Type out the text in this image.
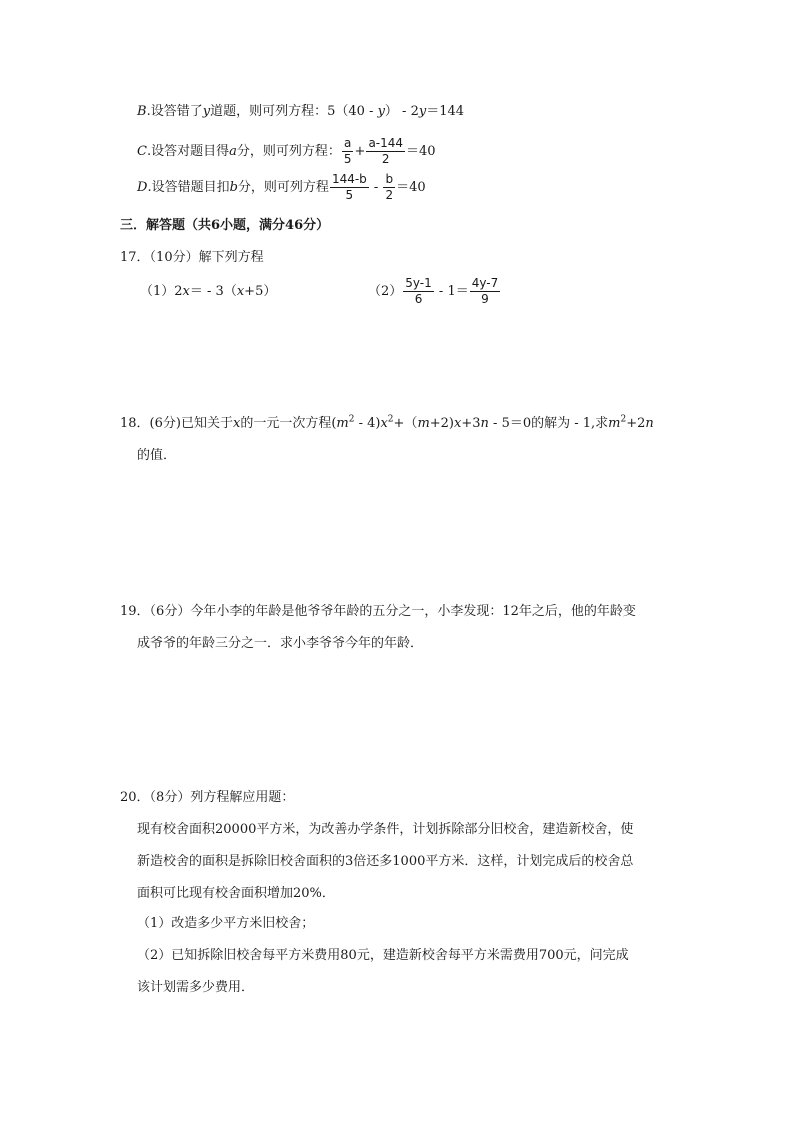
B.设答错了y道题，则可列方程：5（40 - y） - 2y＝144
C.设答对题目得a分，则可列方程： $\frac{a}{5} + \frac{a-144}{2} =40$
D.设答错题目扣b分，则可列方程 $\frac{144-b}{5} - \frac{b}{2} =40$
三．解答题（共6小题，满分46分）
17．（10分）解下列方程
（1）2x＝ - 3（x+5）	$(2) \frac{5y-1}{6} - 1= \frac{4y-7}{9}$
18．(6分)已知关于x的一元一次方程$(m^2 - 4)x^2+(m+2)x+3n - 5=0$的解为 - 1,求$m^2+2n$
的值．
19．（6分）今年小李的年龄是他爷爷年龄的五分之一，小李发现：12年之后，他的年龄变
成爷爷的年龄三分之一．求小李爷爷今年的年龄．
20．（8分）列方程解应用题：
现有校舍面积20000平方米，为改善办学条件，计划拆除部分旧校舍，建造新校舍，使
新造校舍的面积是拆除旧校舍面积的3倍还多1000平方米．这样，计划完成后的校舍总
面积可比现有校舍面积增加20%．
（1）改造多少平方米旧校舍；
（2）已知拆除旧校舍每平方米费用80元，建造新校舍每平方米需费用700元，问完成
该计划需多少费用．
